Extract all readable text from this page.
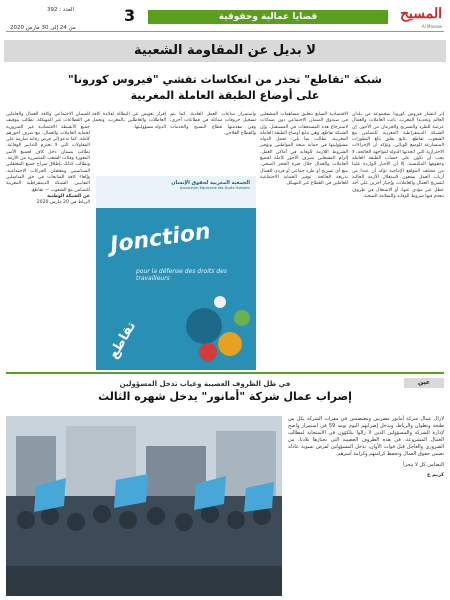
المسيح
Al Massae
قضايا عمالية وحقوقية
3
العدد : 392
من 24 إلى 30 مارس 2020
لا بديل عن المقاومة الشعبية
شبكة "تقاطع" تحذر من انعكاسات تفشي "فيروس كورونا"
على أوضاع الطبقة العاملة المغربية
إثر انتشار فيروس كورونا بمجموعة من بلدان العالم وتحديدا المغرب، باتت العاملات والعمال عرضة للطرد والتسريح والحرمان من الأجور. إن الشبكة الديمقراطية المغربية للتضامن مع الشعوب تقاطع، تتابع بقلق بالغ التطورات المتسارعة للوضع الوبائي، وتؤكد أن الإجراءات الاحترازية التي اتخذتها الدولة لمواجهة الجائحة، لا يجب أن تكون على حساب الطبقة العاملة وحقوقها المكتسبة. إلا أن الأخبار الواردة علينا من مختلف المواقع الإنتاجية تؤكد أن عددا من أرباب العمل يسعون لاستغلال الأزمة الحالية لتسريح العمال والعاملات، وإجبار آخرين على أخذ عطل غير مؤدى عنها، أو الاشتغال في ظروف تنعدم فيها شروط الوقاية والسلامة الصحية.
الاقتصادية السابع بتعليق مساهمات المشغلين في صندوق الضمان الاجتماعي دون ضمانات لاسترجاع هذه المستحقات في المستقبل. وإن الشبكة تقاطع، وهي تتابع أوضاع الطبقة العاملة المغربية، تطالب بما يلي: تحمل الدولة مسؤوليتها في حماية صحة المواطنين وتوفير الشروط اللازمة للوقاية في أماكن العمل. إلزام المشغلين بصرف الأجور كاملة لجميع العاملات والعمال خلال فترة الحجر الصحي. منع أي تسريح أو طرد جماعي أو فردي للعمال بذريعة الجائحة. توفير الحماية الاجتماعية للعاملين في القطاع غير المهيكل.
واستمرار ساعات العمل العادية، كما يتم تسجيل خروقات مماثلة في قطاعات أخرى، وفي مقدمتها قطاع النسيج والخدمات والقطاع الفلاحي.
إقرار تعويض عن البطالة لفائدة كافة العاطلات والعاطلين بالمغرب، وتحمل الدولة مسؤوليتها.
للضمان الاجتماعي وكافة العمال والعاملين في القطاعات غير المهيكلة. تطالب بتوقيف جميع الأنشطة الاقتصادية غير الضرورية لحماية العاملات والعمال، مع صرف أجورهم كاملة. كما تدعو إلى فرض رقابة صارمة على المقاولات التي لا تحترم التدابير الوقائية. تطالب بضمان دخل كاف لجميع الأسر المعوزة وفئات الشعب المتضررة من الأزمة. وتطالب كذلك بإطلاق سراح جميع المعتقلين السياسيين ومعتقلي الحركات الاجتماعية، وإلغاء كافة المتابعات في حق المناضلين النقابيين. الشبكة الديمقراطية المغربية للتضامن مع الشعوب — تقاطع.
عن الشبكة الوطنية
الرباط في 20 مارس 2020
الجمعية المغربية لحقوق الإنسان
Association Marocaine des Droits Humains
Jonction
pour la défense des droits des travailleurs
تقاطع
عين
في ظل الظروف العصيبة وغياب تدخل المسؤولين
إضراب عمال شركة "أمانور" يدخل شهره الثالث
لازال عمال شركة أمانور مضربين ومعتصمين في مقرات الشركة بكل من طنجة وتطوان والرباط، ويدخل إضرابهم اليوم يومه 59 في استمرار واضح لإدارة الشركة والمسؤولين الذين لا زالوا يتلكؤون في الاستجابة لمطالب العمال المشروعة. في هذه الظروف العصيبة التي تجتازها بلادنا، من الضروري والعاجل قبل فوات الأوان، تدخل المسؤولين لفرض تسوية عادلة تضمن حقوق العمال وتحفظ كرامتهم وكرامة أسرهم.
التضامن كل لا يتجزأ
كريم ع
